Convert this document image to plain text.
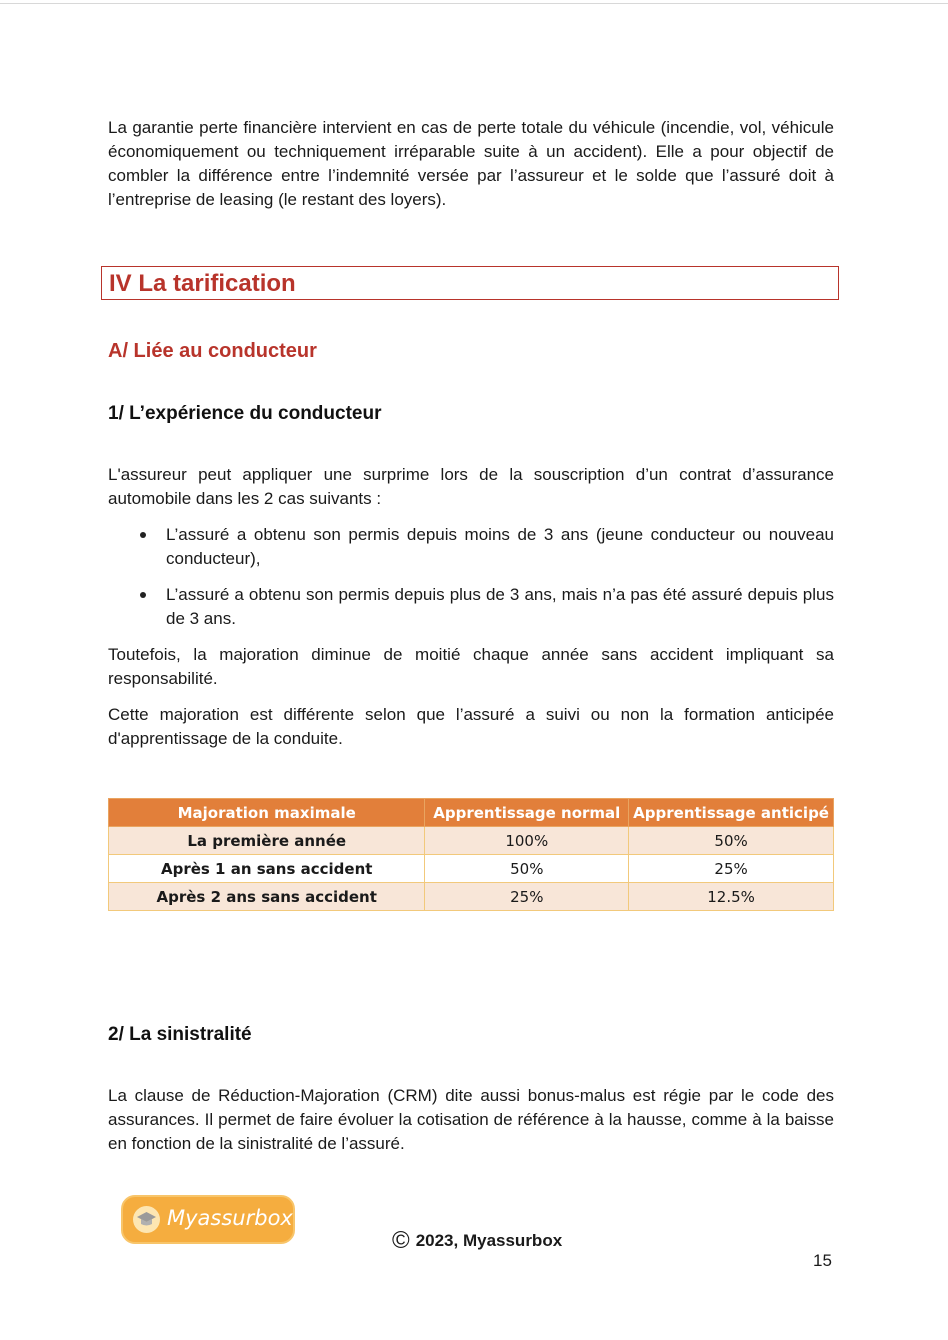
La garantie perte financière intervient en cas de perte totale du véhicule (incendie, vol, véhicule économiquement ou techniquement irréparable suite à un accident). Elle a pour objectif de combler la différence entre l’indemnité versée par l’assureur et le solde que l’assuré doit à l’entreprise de leasing (le restant des loyers).

IV La tarification
A/ Liée au conducteur
1/ L’expérience du conducteur

L'assureur peut appliquer une surprime lors de la souscription d’un contrat d’assurance automobile dans les 2 cas suivants :

L’assuré a obtenu son permis depuis moins de 3 ans (jeune conducteur ou nouveau conducteur),

L’assuré a obtenu son permis depuis plus de 3 ans, mais n’a pas été assuré depuis plus de 3 ans.

Toutefois, la majoration diminue de moitié chaque année sans accident impliquant sa responsabilité.

Cette majoration est différente selon que l’assuré a suivi ou non la formation anticipée d'apprentissage de la conduite.

Majoration maximale	Apprentissage normal	Apprentissage anticipé
La première année	100%	50%
Après 1 an sans accident	50%	25%
Après 2 ans sans accident	25%	12.5%
2/ La sinistralité

La clause de Réduction-Majoration (CRM) dite aussi bonus-malus est régie par le code des assurances. Il permet de faire évoluer la cotisation de référence à la hausse, comme à la baisse en fonction de la sinistralité de l’assuré.

Myassurbox
© 2023, Myassurbox
15
